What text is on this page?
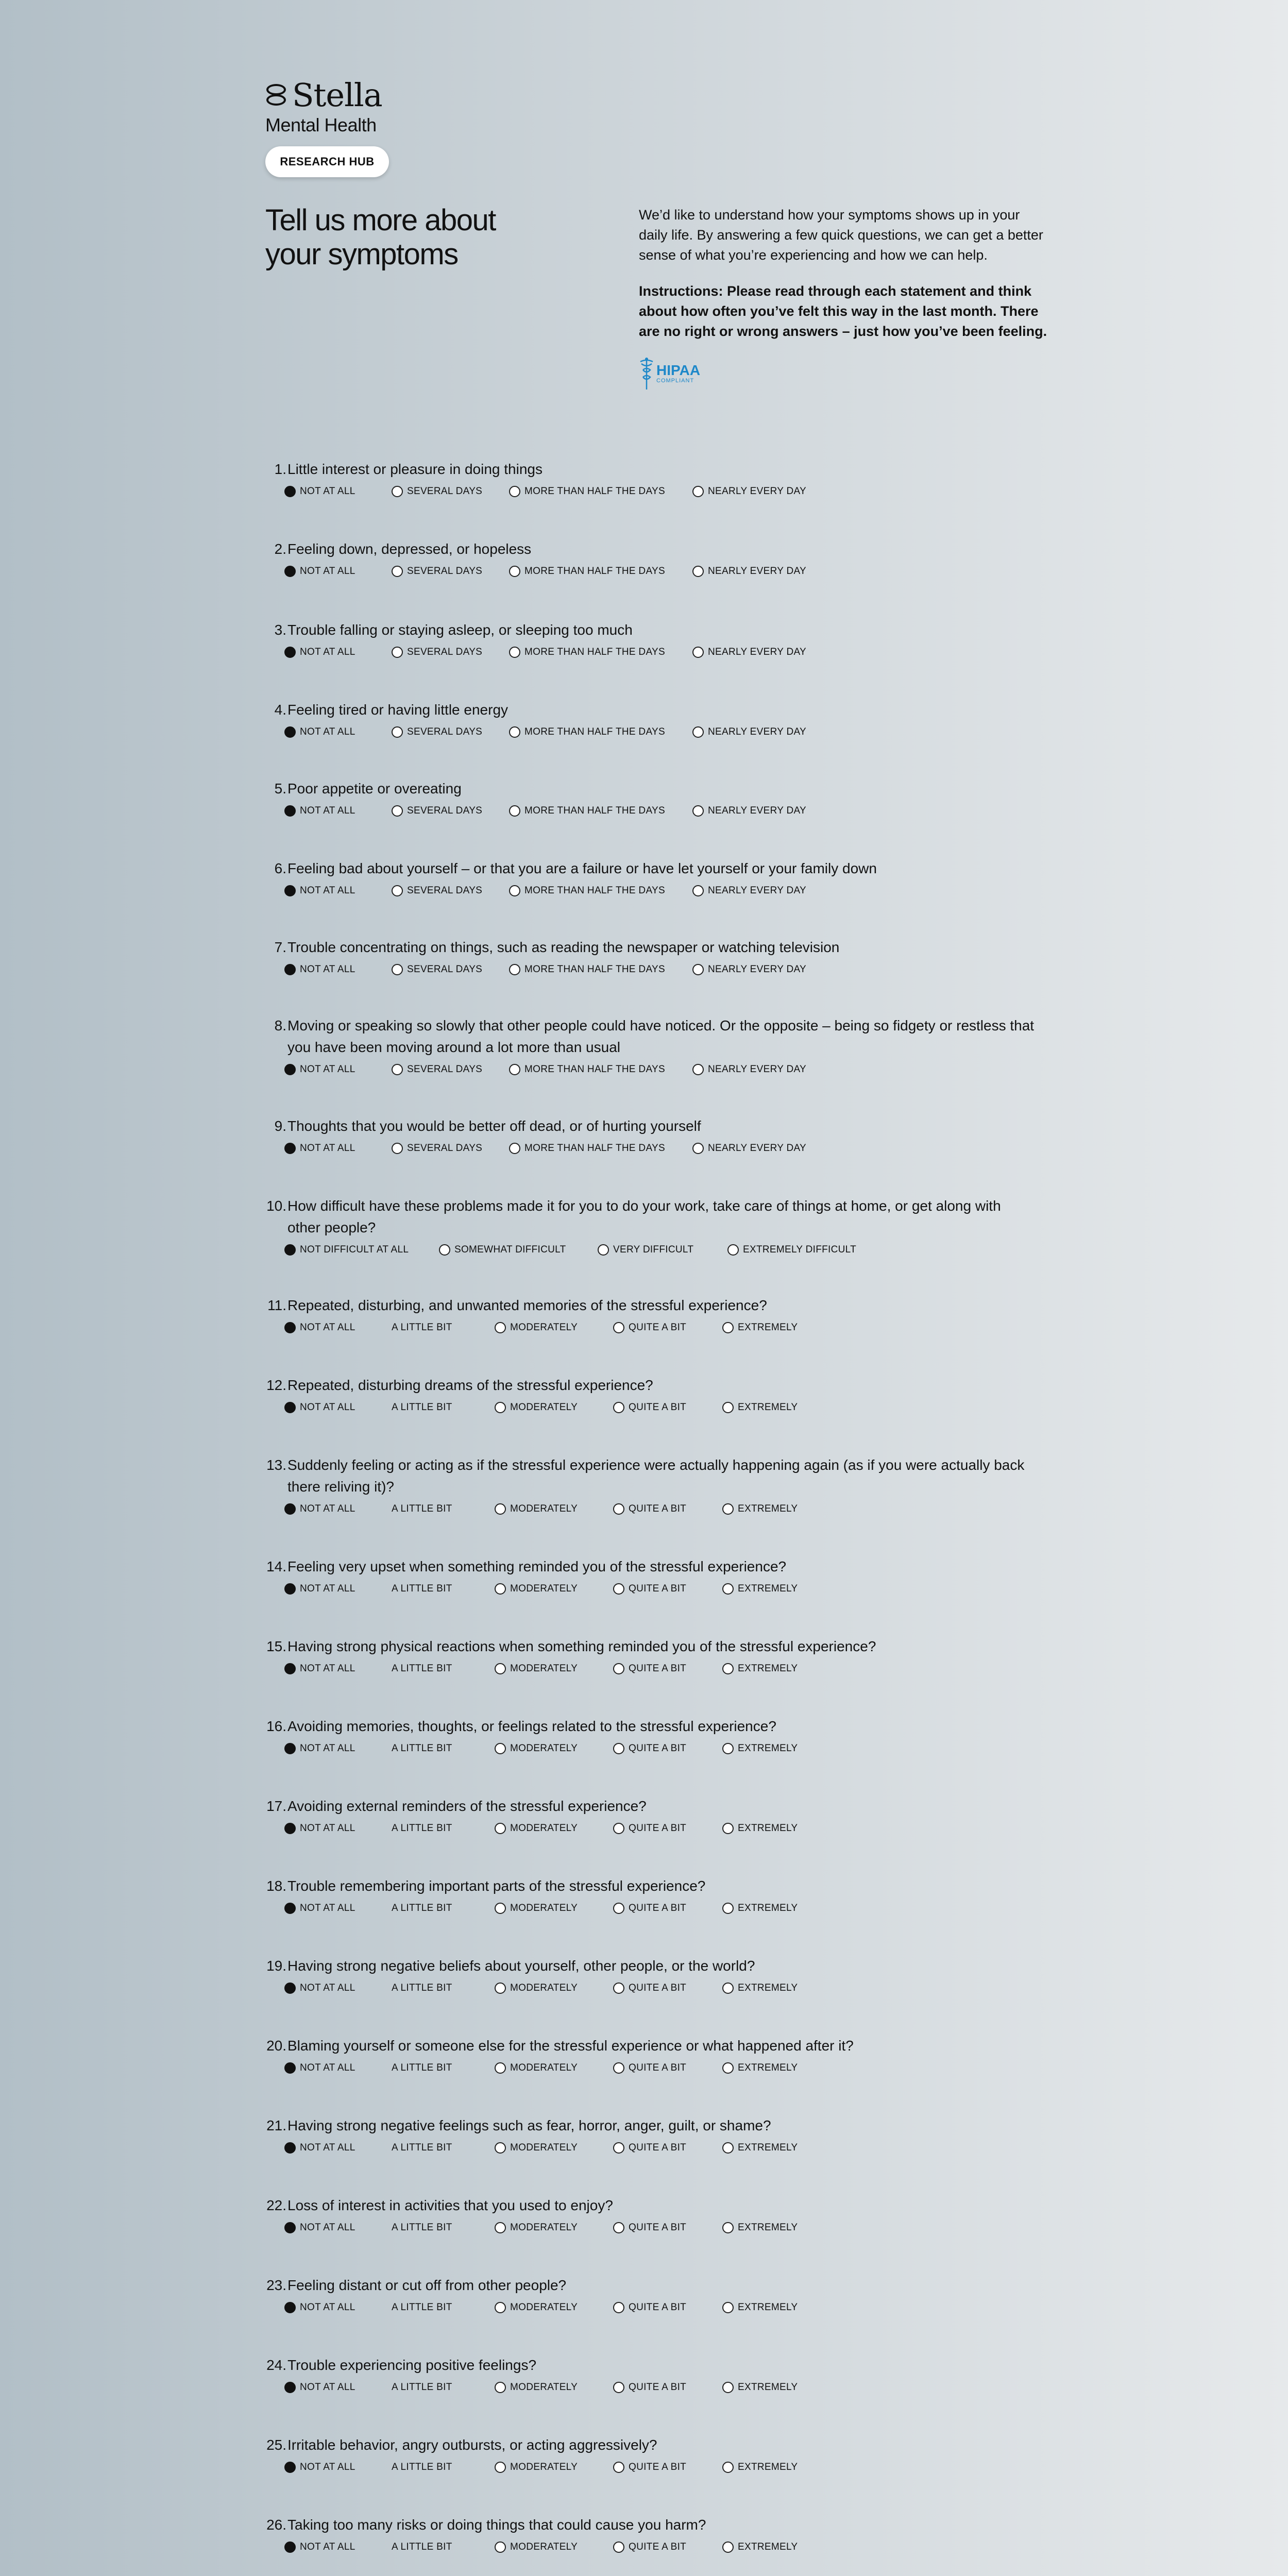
Stella
Mental Health
RESEARCH HUB
Tell us more about your symptoms

We’d like to understand how your symptoms shows up in your daily life. By answering a few quick questions, we can get a better sense of what you’re experiencing and how we can help.

Instructions: Please read through each statement and think about how often you’ve felt this way in the last month. There are no right or wrong answers – just how you’ve been feeling.

HIPAA
COMPLIANT
1. Little interest or pleasure in doing things
NOT AT ALL	SEVERAL DAYS	MORE THAN HALF THE DAYS	NEARLY EVERY DAY
2. Feeling down, depressed, or hopeless
NOT AT ALL	SEVERAL DAYS	MORE THAN HALF THE DAYS	NEARLY EVERY DAY
3. Trouble falling or staying asleep, or sleeping too much
NOT AT ALL	SEVERAL DAYS	MORE THAN HALF THE DAYS	NEARLY EVERY DAY
4. Feeling tired or having little energy
NOT AT ALL	SEVERAL DAYS	MORE THAN HALF THE DAYS	NEARLY EVERY DAY
5. Poor appetite or overeating
NOT AT ALL	SEVERAL DAYS	MORE THAN HALF THE DAYS	NEARLY EVERY DAY
6. Feeling bad about yourself – or that you are a failure or have let yourself or your family down
NOT AT ALL	SEVERAL DAYS	MORE THAN HALF THE DAYS	NEARLY EVERY DAY
7. Trouble concentrating on things, such as reading the newspaper or watching television
NOT AT ALL	SEVERAL DAYS	MORE THAN HALF THE DAYS	NEARLY EVERY DAY
8. Moving or speaking so slowly that other people could have noticed. Or the opposite – being so fidgety or restless that you have been moving around a lot more than usual
NOT AT ALL	SEVERAL DAYS	MORE THAN HALF THE DAYS	NEARLY EVERY DAY
9. Thoughts that you would be better off dead, or of hurting yourself
NOT AT ALL	SEVERAL DAYS	MORE THAN HALF THE DAYS	NEARLY EVERY DAY
10. How difficult have these problems made it for you to do your work, take care of things at home, or get along with other people?
NOT DIFFICULT AT ALL	SOMEWHAT DIFFICULT	VERY DIFFICULT	EXTREMELY DIFFICULT
11. Repeated, disturbing, and unwanted memories of the stressful experience?
NOT AT ALL	A LITTLE BIT	MODERATELY	QUITE A BIT	EXTREMELY
12. Repeated, disturbing dreams of the stressful experience?
NOT AT ALL	A LITTLE BIT	MODERATELY	QUITE A BIT	EXTREMELY
13. Suddenly feeling or acting as if the stressful experience were actually happening again (as if you were actually back there reliving it)?
NOT AT ALL	A LITTLE BIT	MODERATELY	QUITE A BIT	EXTREMELY
14. Feeling very upset when something reminded you of the stressful experience?
NOT AT ALL	A LITTLE BIT	MODERATELY	QUITE A BIT	EXTREMELY
15. Having strong physical reactions when something reminded you of the stressful experience?
NOT AT ALL	A LITTLE BIT	MODERATELY	QUITE A BIT	EXTREMELY
16. Avoiding memories, thoughts, or feelings related to the stressful experience?
NOT AT ALL	A LITTLE BIT	MODERATELY	QUITE A BIT	EXTREMELY
17. Avoiding external reminders of the stressful experience?
NOT AT ALL	A LITTLE BIT	MODERATELY	QUITE A BIT	EXTREMELY
18. Trouble remembering important parts of the stressful experience?
NOT AT ALL	A LITTLE BIT	MODERATELY	QUITE A BIT	EXTREMELY
19. Having strong negative beliefs about yourself, other people, or the world?
NOT AT ALL	A LITTLE BIT	MODERATELY	QUITE A BIT	EXTREMELY
20. Blaming yourself or someone else for the stressful experience or what happened after it?
NOT AT ALL	A LITTLE BIT	MODERATELY	QUITE A BIT	EXTREMELY
21. Having strong negative feelings such as fear, horror, anger, guilt, or shame?
NOT AT ALL	A LITTLE BIT	MODERATELY	QUITE A BIT	EXTREMELY
22. Loss of interest in activities that you used to enjoy?
NOT AT ALL	A LITTLE BIT	MODERATELY	QUITE A BIT	EXTREMELY
23. Feeling distant or cut off from other people?
NOT AT ALL	A LITTLE BIT	MODERATELY	QUITE A BIT	EXTREMELY
24. Trouble experiencing positive feelings?
NOT AT ALL	A LITTLE BIT	MODERATELY	QUITE A BIT	EXTREMELY
25. Irritable behavior, angry outbursts, or acting aggressively?
NOT AT ALL	A LITTLE BIT	MODERATELY	QUITE A BIT	EXTREMELY
26. Taking too many risks or doing things that could cause you harm?
NOT AT ALL	A LITTLE BIT	MODERATELY	QUITE A BIT	EXTREMELY
